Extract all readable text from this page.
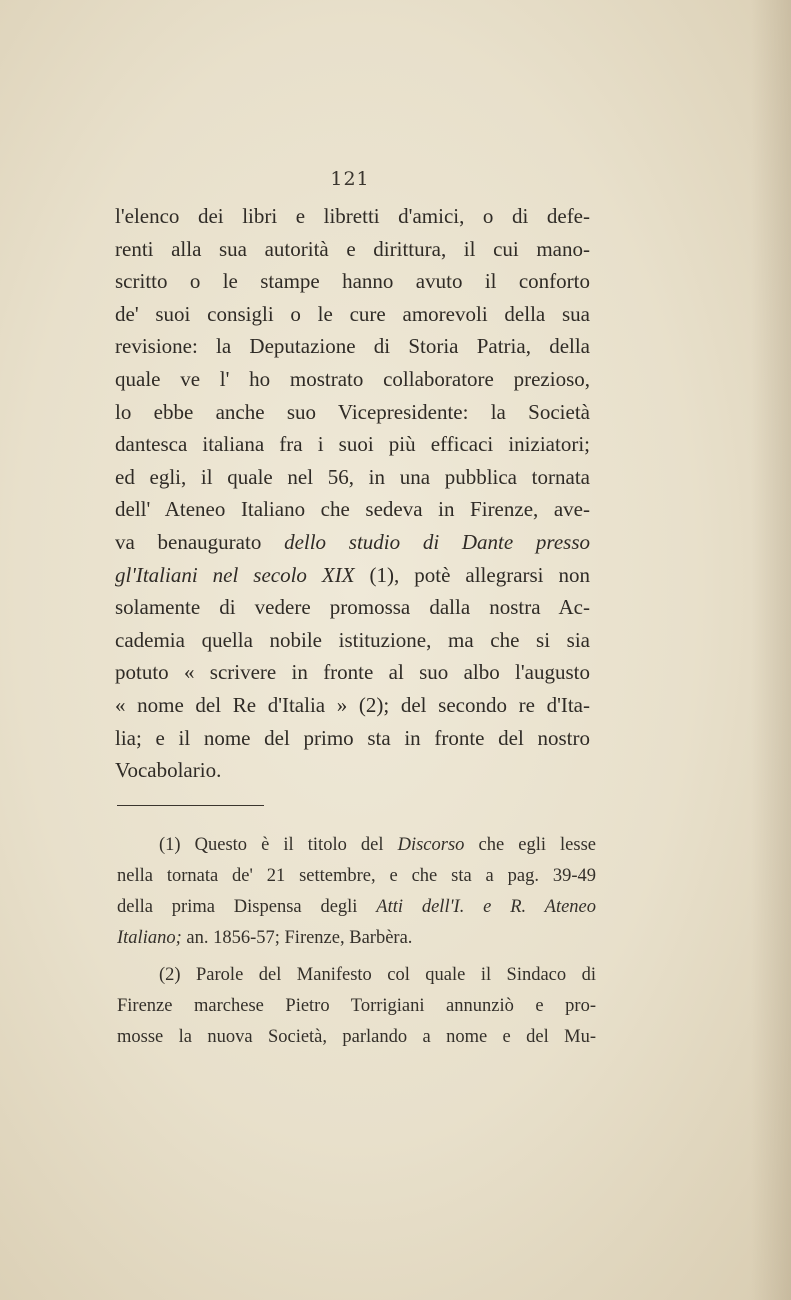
121
l'elenco dei libri e libretti d'amici, o di defe-
renti alla sua autorità e dirittura, il cui mano-
scritto o le stampe hanno avuto il conforto
de' suoi consigli o le cure amorevoli della sua
revisione: la Deputazione di Storia Patria, della
quale ve l' ho mostrato collaboratore prezioso,
lo ebbe anche suo Vicepresidente: la Società
dantesca italiana fra i suoi più efficaci iniziatori;
ed egli, il quale nel 56, in una pubblica tornata
dell' Ateneo Italiano che sedeva in Firenze, ave-
va benaugurato dello studio di Dante presso
gl'Italiani nel secolo XIX (1), potè allegrarsi non
solamente di vedere promossa dalla nostra Ac-
cademia quella nobile istituzione, ma che si sia
potuto « scrivere in fronte al suo albo l'augusto
« nome del Re d'Italia » (2); del secondo re d'Ita-
lia; e il nome del primo sta in fronte del nostro
Vocabolario.
(1) Questo è il titolo del Discorso che egli lesse
nella tornata de' 21 settembre, e che sta a pag. 39-49
della prima Dispensa degli Atti dell'I. e R. Ateneo
Italiano; an. 1856-57; Firenze, Barbèra.
(2) Parole del Manifesto col quale il Sindaco di
Firenze marchese Pietro Torrigiani annunziò e pro-
mosse la nuova Società, parlando a nome e del Mu-
